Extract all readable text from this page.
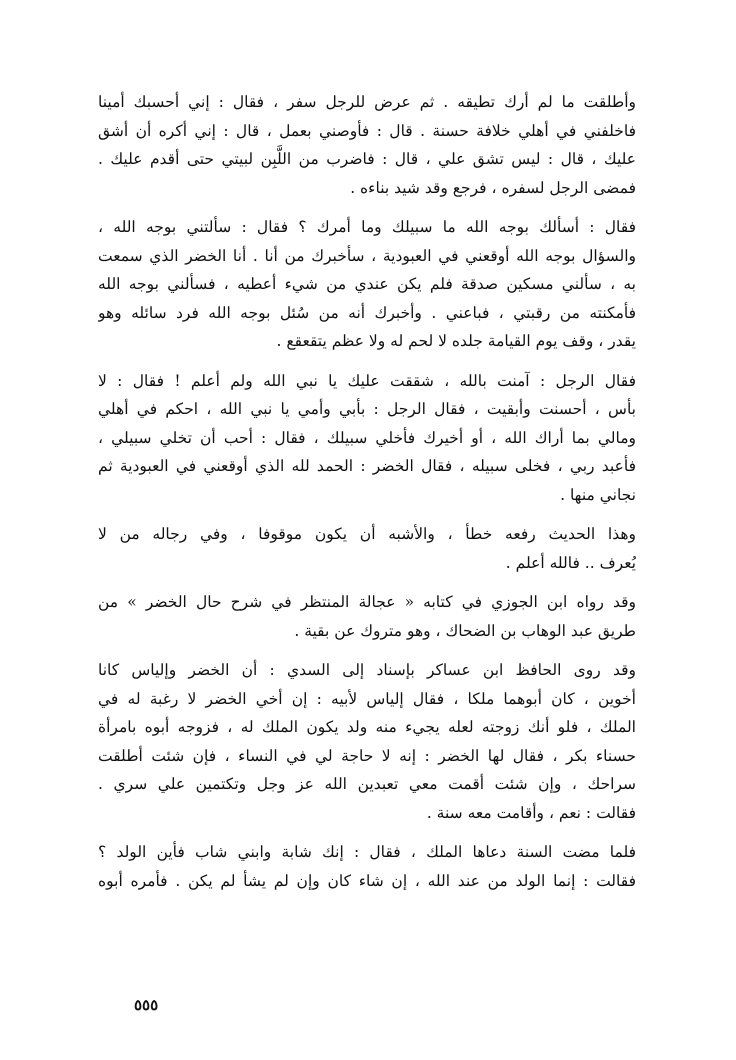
وأطلقت ما لم أرك تطيقه . ثم عرض للرجل سفر ، فقال : إني أحسبك أمينا
فاخلفني في أهلي خلافة حسنة . قال : فأوصني بعمل ، قال : إني أكره أن أشق
عليك ، قال : ليس تشق علي ، قال : فاضرب من اللَّبِن لبيتي حتى أقدم عليك .
فمضى الرجل لسفره ، فرجع وقد شيد بناءه .

فقال : أسألك بوجه الله ما سبيلك وما أمرك ؟ فقال : سألتني بوجه الله ،
والسؤال بوجه الله أوقعني في العبودية ، سأخبرك من أنا . أنا الخضر الذي سمعت
به ، سألني مسكين صدقة فلم يكن عندي من شيء أعطيه ، فسألني بوجه الله
فأمكنته من رقبتي ، فباعني . وأخبرك أنه من سُئل بوجه الله فرد سائله وهو
يقدر ، وقف يوم القيامة جلده لا لحم له ولا عظم يتقعقع .

فقال الرجل : آمنت بالله ، شققت عليك يا نبي الله ولم أعلم ! فقال : لا
بأس ، أحسنت وأبقيت ، فقال الرجل : بأبي وأمي يا نبي الله ، احكم في أهلي
ومالي بما أراك الله ، أو أخيرك فأخلي سبيلك ، فقال : أحب أن تخلي سبيلي ،
فأعبد ربي ، فخلى سبيله ، فقال الخضر : الحمد لله الذي أوقعني في العبودية ثم
نجاني منها .

وهذا الحديث رفعه خطأ ، والأشبه أن يكون موقوفا ، وفي رجاله من لا
يُعرف .. فالله أعلم .

وقد رواه ابن الجوزي في كتابه « عجالة المنتظر في شرح حال الخضر » من
طريق عبد الوهاب بن الضحاك ، وهو متروك عن بقية .

وقد روى الحافظ ابن عساكر بإسناد إلى السدي : أن الخضر وإلياس كانا
أخوين ، كان أبوهما ملكا ، فقال إلياس لأبيه : إن أخي الخضر لا رغبة له في
الملك ، فلو أنك زوجته لعله يجيء منه ولد يكون الملك له ، فزوجه أبوه بامرأة
حسناء بكر ، فقال لها الخضر : إنه لا حاجة لي في النساء ، فإن شئت أطلقت
سراحك ، وإن شئت أقمت معي تعبدين الله عز وجل وتكتمين علي سري .
فقالت : نعم ، وأقامت معه سنة .

فلما مضت السنة دعاها الملك ، فقال : إنك شابة وابني شاب فأين الولد ؟
فقالت : إنما الولد من عند الله ، إن شاء كان وإن لم يشأ لم يكن . فأمره أبوه

٥٥٥
